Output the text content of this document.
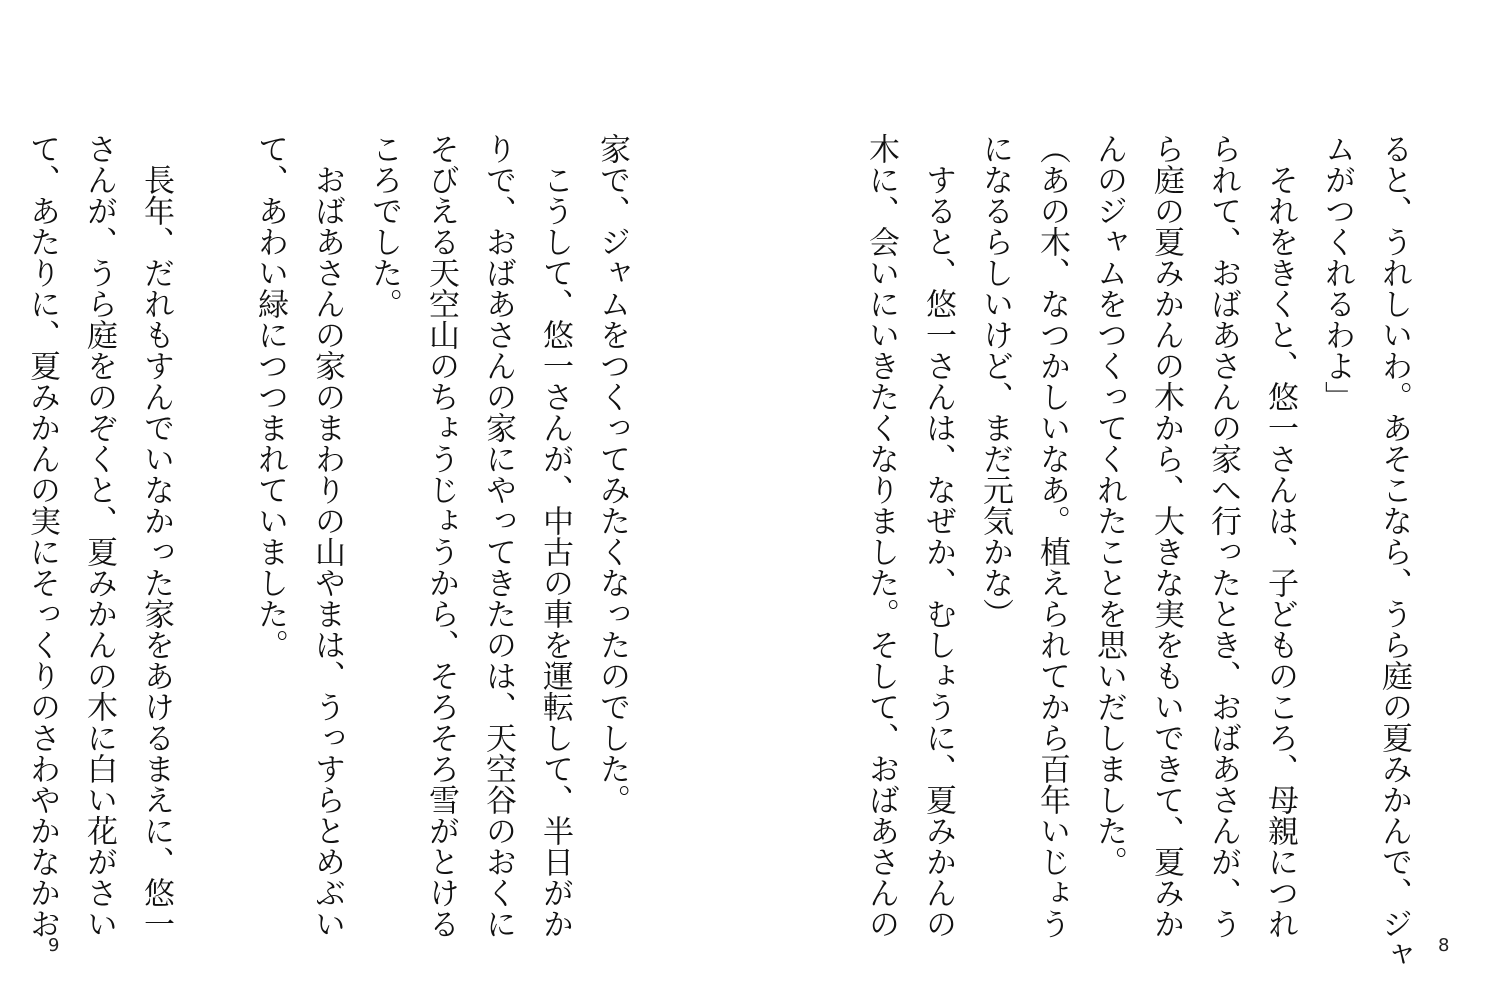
ると、うれしいわ。あそこなら、うら庭の夏みかんで、ジャ
ムがつくれるわよ」
　それをきくと、悠一さんは、子どものころ、母親につれ
られて、おばあさんの家へ行ったとき、おばあさんが、う
ら庭の夏みかんの木から、大きな実をもいできて、夏みか
んのジャムをつくってくれたことを思いだしました。
（あの木、なつかしいなあ。植えられてから百年いじょう
になるらしいけど、まだ元気かな）
　すると、悠一さんは、なぜか、むしょうに、夏みかんの
木に、会いにいきたくなりました。そして、おばあさんの
8
家で、ジャムをつくってみたくなったのでした。
　こうして、悠一さんが、中古の車を運転して、半日がか
りで、おばあさんの家にやってきたのは、天空谷のおくに
そびえる天空山のちょうじょうから、そろそろ雪がとける
ころでした。
　おばあさんの家のまわりの山やまは、うっすらとめぶい
て、あわい緑につつまれていました。
　長年、だれもすんでいなかった家をあけるまえに、悠一
さんが、うら庭をのぞくと、夏みかんの木に白い花がさい
て、あたりに、夏みかんの実にそっくりのさわやかなかお
9
